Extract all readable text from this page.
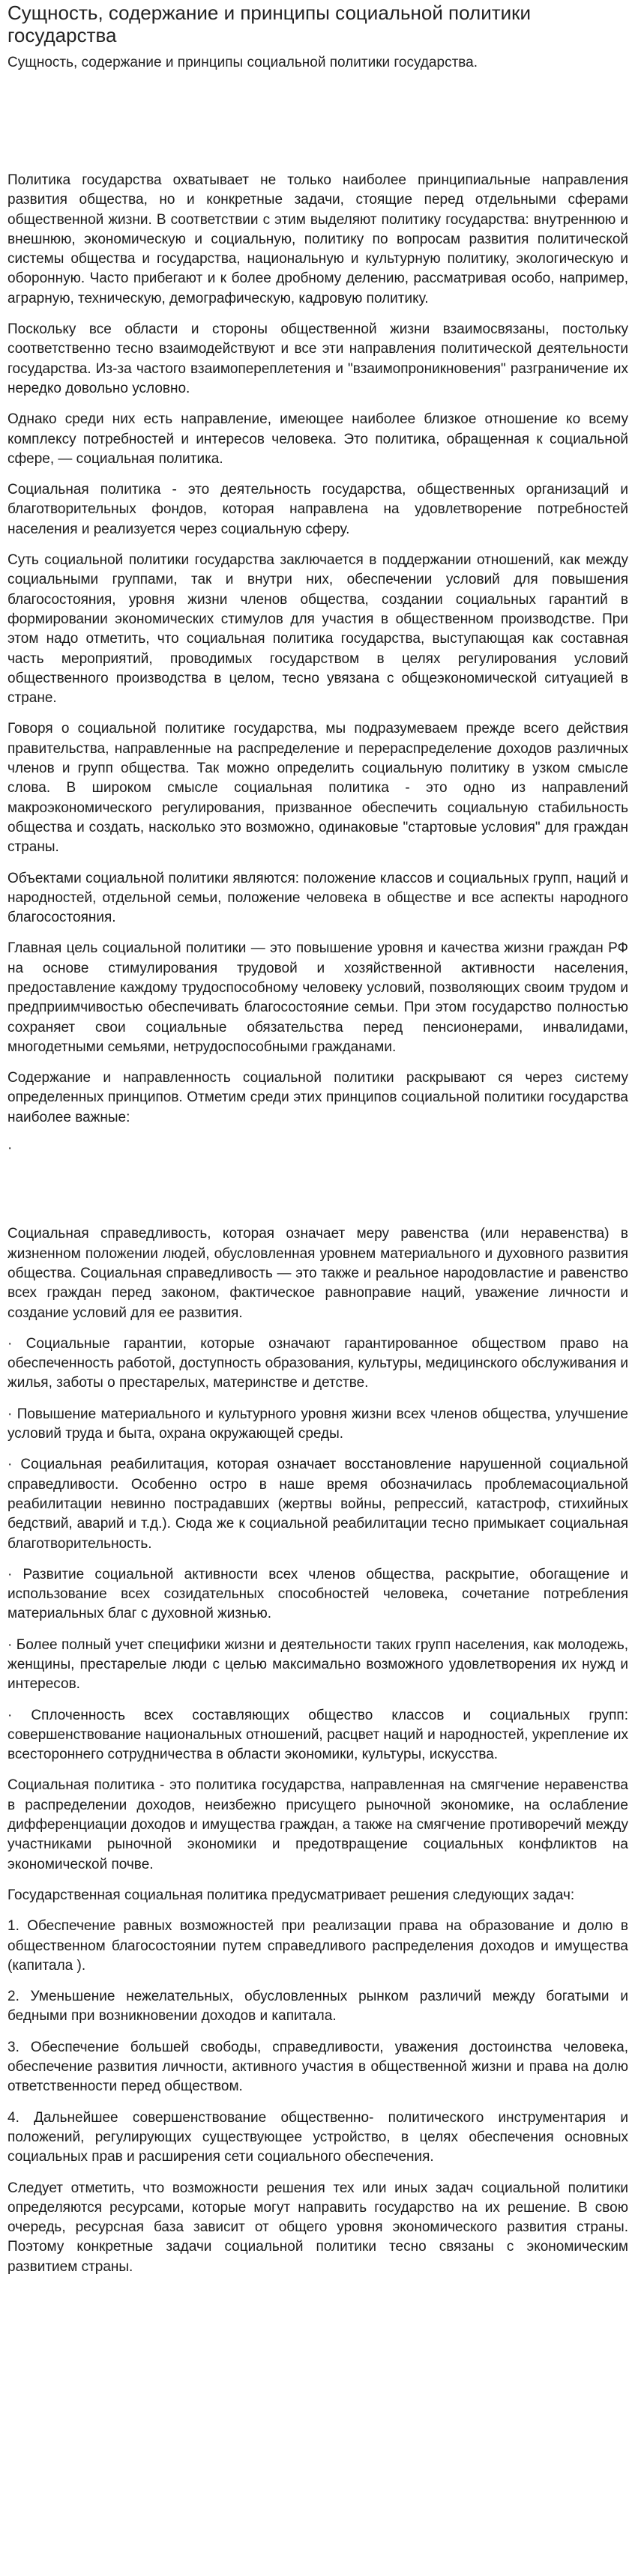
Сущность, содержание и принципы социальной политики государства

Сущность, содержание и принципы социальной политики государства.

Политика государства охватывает не только наиболее принципиальные направления развития общества, но и конкретные задачи, стоящие перед отдельными сферами общественной жизни. В соответствии с этим выделяют политику государства: внутреннюю и внешнюю, экономическую и социальную, политику по вопросам развития политической системы общества и государства, национальную и культурную политику, экологическую и оборонную. Часто прибегают и к более дробному делению, рассматривая особо, например, аграрную, техническую, демографическую, кадровую политику.

Поскольку все области и стороны общественной жизни взаимосвязаны, постольку соответственно тесно взаимодействуют и все эти направления политической деятельности государства. Из-за частого взаимопереплетения и "взаимопроникновения" разграничение их нередко довольно условно.

Однако среди них есть направление, имеющее наиболее близкое отношение ко всему комплексу потребностей и интересов человека. Это политика, обращенная к социальной сфере, — социальная политика.

Социальная политика - это деятельность государства, общественных организаций и благотворительных фондов, которая направлена на удовлетворение потребностей населения и реализуется через социальную сферу.

Суть социальной политики государства заключается в поддержании отношений, как между социальными группами, так и внутри них, обеспечении условий для повышения благосостояния, уровня жизни членов общества, создании социальных гарантий в формировании экономических стимулов для участия в общественном производстве. При этом надо отметить, что социальная политика государства, выступающая как составная часть мероприятий, проводимых государством в целях регулирования условий общественного производства в целом, тесно увязана с общеэкономической ситуацией в стране.

Говоря о социальной политике государства, мы подразумеваем прежде всего действия правительства, направленные на распределение и перераспределение доходов различных членов и групп общества. Так можно определить социальную политику в узком смысле слова. В широком смысле социальная политика - это одно из направлений макроэкономического регулирования, призванное обеспечить социальную стабильность общества и создать, насколько это возможно, одинаковые "стартовые условия" для граждан страны.

Объектами социальной политики являются: положение классов и социальных групп, наций и народностей, отдельной семьи, положение человека в обществе и все аспекты народного благосостояния.

Главная цель социальной политики — это повышение уровня и качества жизни граждан РФ на основе стимулирования трудовой и хозяйственной активности населения, предоставление каждому трудоспособному человеку условий, позволяющих своим трудом и предприимчивостью обеспечивать благосостояние семьи. При этом государство полностью сохраняет свои социальные обязательства перед пенсионерами, инвалидами, многодетными семьями, нетрудоспособными гражданами.

Содержание и направленность социальной политики раскрывают ся через систему определенных принципов. Отметим среди этих принципов социальной политики государства наиболее важные:

·

Социальная справедливость, которая означает меру равенства (или неравенства) в жизненном положении людей, обусловленная уровнем материального и духовного развития общества. Социальная справедливость — это также и реальное народовластие и равенство всех граждан перед законом, фактическое равноправие наций, уважение личности и создание условий для ее развития.

· Социальные гарантии, которые означают гарантированное обществом право на обеспеченность работой, доступность образования, культуры, медицинского обслуживания и жилья, заботы о престарелых, материнстве и детстве.

· Повышение материального и культурного уровня жизни всех членов общества, улучшение условий труда и быта, охрана окружающей среды.

· Социальная реабилитация, которая означает восстановление нарушенной социальной справедливости. Особенно остро в наше время обозначилась проблемасоциальной реабилитации невинно пострадавших (жертвы войны, репрессий, катастроф, стихийных бедствий, аварий и т.д.). Сюда же к социальной реабилитации тесно примыкает социальная благотворительность.

· Развитие социальной активности всех членов общества, раскрытие, обогащение и использование всех созидательных способностей человека, сочетание потребления материальных благ с духовной жизнью.

· Более полный учет специфики жизни и деятельности таких групп населения, как молодежь, женщины, престарелые люди с целью максимально возможного удовлетворения их нужд и интересов.

· Сплоченность всех составляющих общество классов и социальных групп: совершенствование национальных отношений, расцвет наций и народностей, укрепление их всестороннего сотрудничества в области экономики, культуры, искусства.

Социальная политика - это политика государства, направленная на смягчение неравенства в распределении доходов, неизбежно присущего рыночной экономике, на ослабление дифференциации доходов и имущества граждан, а также на смягчение противоречий между участниками рыночной экономики и предотвращение социальных конфликтов на экономической почве.

Государственная социальная политика предусматривает решения следующих задач:

1. Обеспечение равных возможностей при реализации права на образование и долю в общественном благосостоянии путем справедливого распределения доходов и имущества (капитала ).

2. Уменьшение нежелательных, обусловленных рынком различий между богатыми и бедными при возникновении доходов и капитала.

3. Обеспечение большей свободы, справедливости, уважения достоинства человека, обеспечение развития личности, активного участия в общественной жизни и права на долю ответственности перед обществом.

4. Дальнейшее совершенствование общественно- политического инструментария и положений, регулирующих существующее устройство, в целях обеспечения основных социальных прав и расширения сети социального обеспечения.

Следует отметить, что возможности решения тех или иных задач социальной политики определяются ресурсами, которые могут направить государство на их решение. В свою очередь, ресурсная база зависит от общего уровня экономического развития страны. Поэтому конкретные задачи социальной политики тесно связаны с экономическим развитием страны.
